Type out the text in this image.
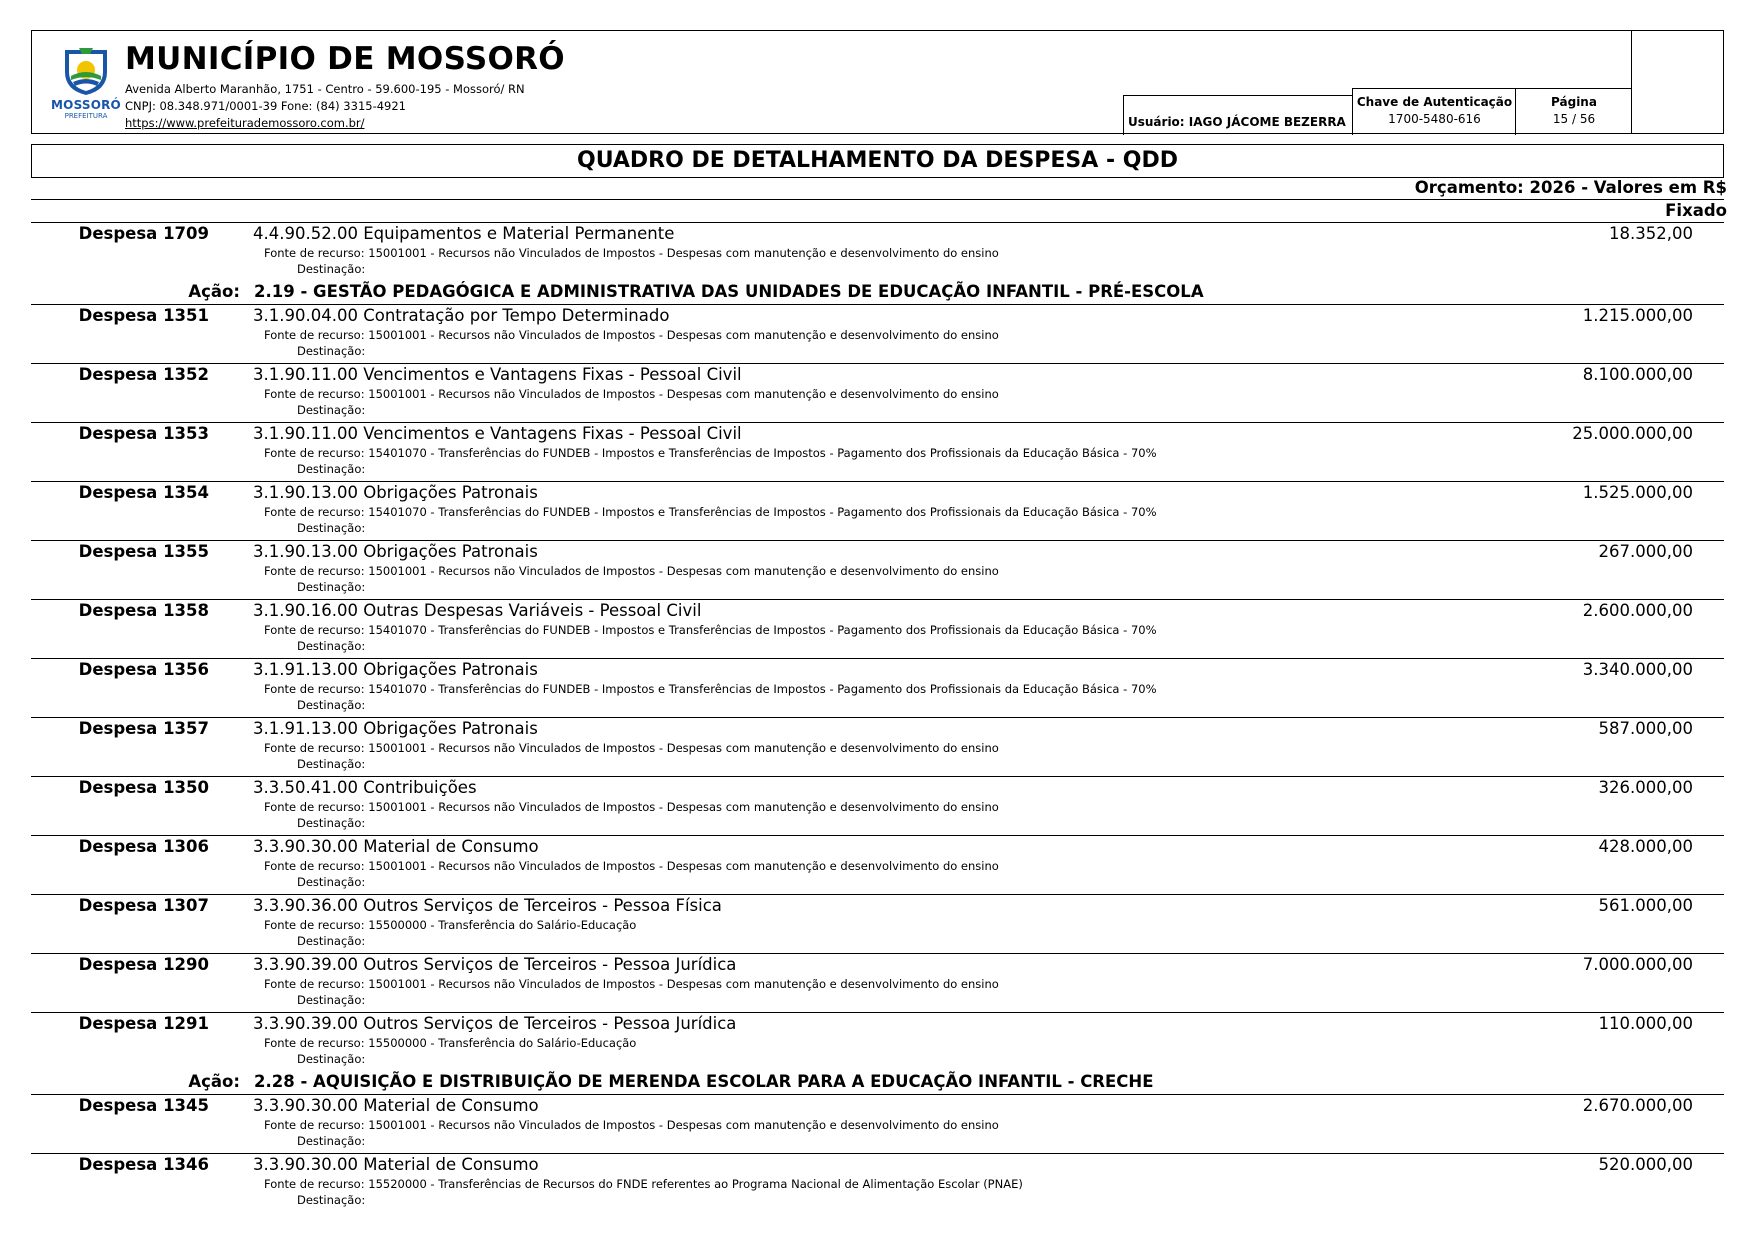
MOSSORÓ
PREFEITURA
MUNICÍPIO DE MOSSORÓ
Avenida Alberto Maranhão, 1751 - Centro - 59.600-195 - Mossoró/ RN
CNPJ: 08.348.971/0001-39 Fone: (84) 3315-4921
https://www.prefeiturademossoro.com.br/	Usuário: IAGO JÁCOME BEZERRA
Chave de Autenticação
1700-5480-616
Página
15 / 56
QUADRO DE DETALHAMENTO DA DESPESA - QDD
Orçamento: 2026 - Valores em R$
Fixado
Despesa 1709	4.4.90.52.00 Equipamentos e Material Permanente	18.352,00
Fonte de recurso: 15001001 - Recursos não Vinculados de Impostos - Despesas com manutenção e desenvolvimento do ensino
Destinação:
Ação: 2.19 - GESTÃO PEDAGÓGICA E ADMINISTRATIVA DAS UNIDADES DE EDUCAÇÃO INFANTIL - PRÉ-ESCOLA
Despesa 1351	3.1.90.04.00 Contratação por Tempo Determinado	1.215.000,00
Fonte de recurso: 15001001 - Recursos não Vinculados de Impostos - Despesas com manutenção e desenvolvimento do ensino
Destinação:
Despesa 1352	3.1.90.11.00 Vencimentos e Vantagens Fixas - Pessoal Civil	8.100.000,00
Fonte de recurso: 15001001 - Recursos não Vinculados de Impostos - Despesas com manutenção e desenvolvimento do ensino
Destinação:
Despesa 1353	3.1.90.11.00 Vencimentos e Vantagens Fixas - Pessoal Civil	25.000.000,00
Fonte de recurso: 15401070 - Transferências do FUNDEB - Impostos e Transferências de Impostos - Pagamento dos Profissionais da Educação Básica - 70%
Destinação:
Despesa 1354	3.1.90.13.00 Obrigações Patronais	1.525.000,00
Fonte de recurso: 15401070 - Transferências do FUNDEB - Impostos e Transferências de Impostos - Pagamento dos Profissionais da Educação Básica - 70%
Destinação:
Despesa 1355	3.1.90.13.00 Obrigações Patronais	267.000,00
Fonte de recurso: 15001001 - Recursos não Vinculados de Impostos - Despesas com manutenção e desenvolvimento do ensino
Destinação:
Despesa 1358	3.1.90.16.00 Outras Despesas Variáveis - Pessoal Civil	2.600.000,00
Fonte de recurso: 15401070 - Transferências do FUNDEB - Impostos e Transferências de Impostos - Pagamento dos Profissionais da Educação Básica - 70%
Destinação:
Despesa 1356	3.1.91.13.00 Obrigações Patronais	3.340.000,00
Fonte de recurso: 15401070 - Transferências do FUNDEB - Impostos e Transferências de Impostos - Pagamento dos Profissionais da Educação Básica - 70%
Destinação:
Despesa 1357	3.1.91.13.00 Obrigações Patronais	587.000,00
Fonte de recurso: 15001001 - Recursos não Vinculados de Impostos - Despesas com manutenção e desenvolvimento do ensino
Destinação:
Despesa 1350	3.3.50.41.00 Contribuições	326.000,00
Fonte de recurso: 15001001 - Recursos não Vinculados de Impostos - Despesas com manutenção e desenvolvimento do ensino
Destinação:
Despesa 1306	3.3.90.30.00 Material de Consumo	428.000,00
Fonte de recurso: 15001001 - Recursos não Vinculados de Impostos - Despesas com manutenção e desenvolvimento do ensino
Destinação:
Despesa 1307	3.3.90.36.00 Outros Serviços de Terceiros - Pessoa Física	561.000,00
Fonte de recurso: 15500000 - Transferência do Salário-Educação
Destinação:
Despesa 1290	3.3.90.39.00 Outros Serviços de Terceiros - Pessoa Jurídica	7.000.000,00
Fonte de recurso: 15001001 - Recursos não Vinculados de Impostos - Despesas com manutenção e desenvolvimento do ensino
Destinação:
Despesa 1291	3.3.90.39.00 Outros Serviços de Terceiros - Pessoa Jurídica	110.000,00
Fonte de recurso: 15500000 - Transferência do Salário-Educação
Destinação:
Ação: 2.28 - AQUISIÇÃO E DISTRIBUIÇÃO DE MERENDA ESCOLAR PARA A EDUCAÇÃO INFANTIL - CRECHE
Despesa 1345	3.3.90.30.00 Material de Consumo	2.670.000,00
Fonte de recurso: 15001001 - Recursos não Vinculados de Impostos - Despesas com manutenção e desenvolvimento do ensino
Destinação:
Despesa 1346	3.3.90.30.00 Material de Consumo	520.000,00
Fonte de recurso: 15520000 - Transferências de Recursos do FNDE referentes ao Programa Nacional de Alimentação Escolar (PNAE)
Destinação:
